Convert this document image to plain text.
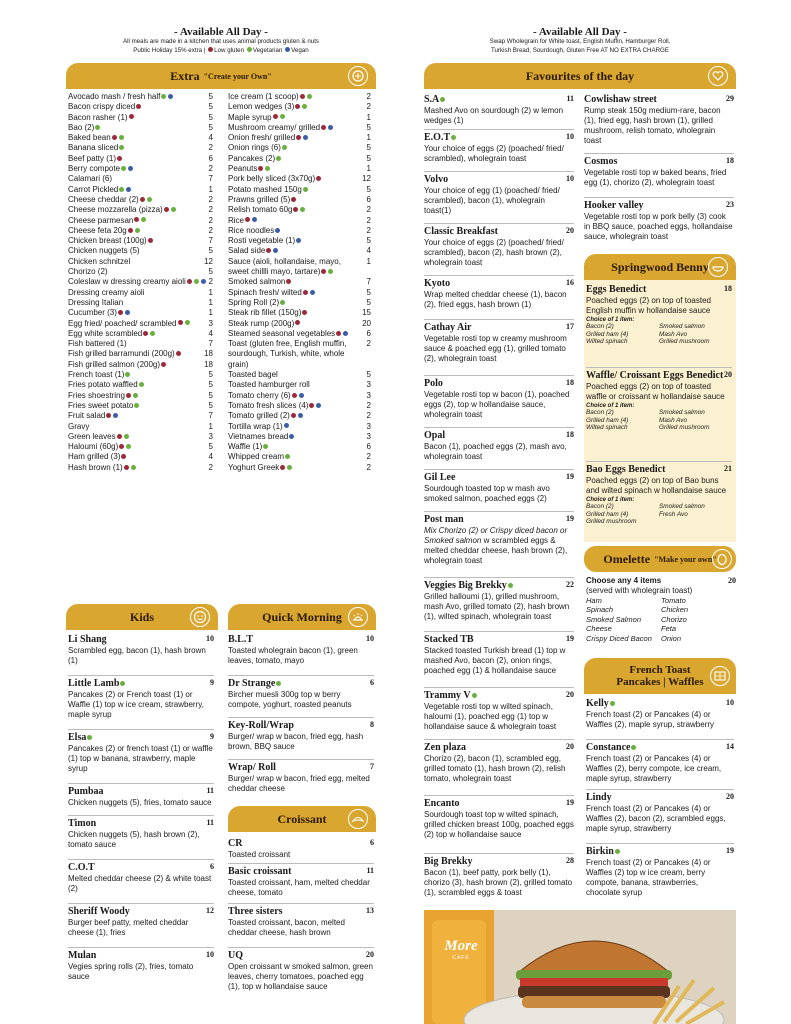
- Available All Day -
All meals are made in a kitchen that uses animal products gluten & nuts
Public Holiday 15% extra | Low gluten Vegetarian Vegan
- Available All Day -
Swap Wholegrain for White toast, English Muffin, Hamburger Roll,
Turkish Bread, Sourdough, Gluten Free AT NO EXTRA CHARGE
Extra "Create your Own"
Avocado mash / fresh half	5
Bacon crispy diced	5
Bacon rasher (1)	5
Bao (2)	5
Baked bean	4
Banana sliced	2
Beef patty (1)	6
Berry compote	2
Calamari (6)	7
Carrot Pickled	1
Cheese cheddar (2)	2
Cheese mozzarella (pizza)	2
Cheese parmesan	2
Cheese feta 20g	2
Chicken breast (100g)	7
Chicken nuggets (5)	5
Chicken schnitzel	12
Chorizo (2)	5
Coleslaw w dressing creamy aioli	2
Dressing creamy aioli	1
Dressing Italian	1
Cucumber (3)	1
Egg fried/ poached/ scrambled	3
Egg white scrambled	4
Fish battered (1)	7
Fish grilled barramundi (200g)	18
Fish grilled salmon (200g)	18
French toast (1)	5
Fries potato waffled	5
Fries shoestring	5
Fries sweet potato	5
Fruit salad	7
Gravy	1
Green leaves	3
Haloumi (60g)	5
Ham grilled (3)	4
Hash brown (1)	2
Ice cream (1 scoop)	2
Lemon wedges (3)	2
Maple syrup	1
Mushroom creamy/ grilled	5
Onion fresh/ grilled	1
Onion rings (6)	5
Pancakes (2)	5
Peanuts	1
Pork belly sliced (3x70g)	12
Potato mashed 150g	5
Prawns grilled (5)	6
Relish tomato 60g	2
Rice	2
Rice noodles	2
Rosti vegetable (1)	5
Salad side	4
Sauce (aioli, hollandaise, mayo, sweet chillli mayo, tartare)
1
Smoked salmon	7
Spinach fresh/ wilted	5
Spring Roll (2)	5
Steak rib fillet (150g)	15
Steak rump (200g)	20
Steamed seasonal vegetables	6
Toast (gluten free, English muffin, sourdough, Turkish, white, whole grain)
2
Toasted bagel	5
Toasted hamburger roll	3
Tomato cherry (6)	3
Tomato fresh slices (4)	2
Tomato grilled (2)	2
Tortilla wrap (1)	3
Vietnames bread	3
Waffle (1)	6
Whipped cream	2
Yoghurt Greek	2
Kids
Li Shang	10
Scrambled egg, bacon (1), hash brown (1)
Little Lamb	9
Pancakes (2) or French toast (1) or Waffle (1) top w ice cream, strawberry, maple syrup
Elsa	9
Pancakes (2) or french toast (1) or waffle (1) top w banana, strawberry, maple syrup
Pumbaa	11
Chicken nuggets (5), fries, tomato sauce
Timon	11
Chicken nuggets (5), hash brown (2), tomato sauce
C.O.T	6
Melted cheddar cheese (2) & white toast (2)
Sheriff Woody	12
Burger beef patty, melted cheddar cheese (1), fries
Mulan	10
Vegies spring rolls (2), fries, tomato sauce
Quick Morning
B.L.T	10
Toasted wholegrain bacon (1), green leaves, tomato, mayo
Dr Strange	6
Bircher muesli 300g top w berry compote, yoghurt, roasted peanuts
Key-Roll/Wrap	8
Burger/ wrap w bacon, fried egg, hash brown, BBQ sauce
Wrap/ Roll	7
Burger/ wrap w bacon, fried egg, melted cheddar cheese
Croissant
CR	6
Toasted croissant
Basic croissant	11
Toasted croissant, ham, melted cheddar cheese, tomato
Three sisters	13
Toasted croissant, bacon, melted cheddar cheese, hash brown
UQ	20
Open croissant w smoked salmon, green leaves, cherry tomatoes, poached egg (1), top w hollandaise sauce
Favourites of the day
S.A	11
Mashed Avo on sourdough (2) w lemon wedges (1)
E.O.T	10
Your choice of eggs (2) (poached/ fried/ scrambled), wholegrain toast
Volvo	10
Your choice of egg (1) (poached/ fried/ scrambled), bacon (1), wholegrain toast(1)
Classic Breakfast	20
Your choice of eggs (2) (poached/ fried/ scrambled), bacon (2), hash brown (2), wholegrain toast
Kyoto	16
Wrap melted cheddar cheese (1), bacon (2), fried eggs, hash brown (1)
Cathay Air	17
Vegetable rosti top w creamy mushroom sauce & poached egg (1), grilled tomato (2), wholegrain toast
Polo	18
Vegetable rosti top w bacon (1), poached eggs (2), top w hollandaise sauce, wholegrain toast
Opal	18
Bacon (1), poached eggs (2), mash avo, wholegrain toast
Gil Lee	19
Sourdough toasted top w mash avo smoked salmon, poached eggs (2)
Post man	19
Mix Chorizo (2) or Crispy diced bacon or Smoked salmon w scrambled eggs & melted cheddar cheese, hash brown (2), wholegrain toast
Veggies Big Brekky	22
Grilled halloumi (1), grilled mushroom, mash Avo, grilled tomato (2), hash brown (1), wilted spinach, wholegrain toast
Stacked TB	19
Stacked toasted Turkish bread (1) top w mashed Avo, bacon (2), onion rings, poached egg (1) & hollandaise sauce
Trammy V	20
Vegetable rosti top w wilted spinach, haloumi (1), poached egg (1) top w hollandaise sauce & wholegrain toast
Zen plaza	20
Chorizo (2), bacon (1), scrambled egg, grilled tomato (1), hash brown (2), relish tomato, wholegrain toast
Encanto	19
Sourdough toast top w wilted spinach, grilled chicken breast 100g, poached eggs (2) top w hollandaise sauce
Big Brekky	28
Bacon (1), beef patty, pork belly (1), chorizo (3), hash brown (2), grilled tomato (1), scrambled eggs & toast
Cowlishaw street	29
Rump steak 150g medium-rare, bacon (1), fried egg, hash brown (1), grilled mushroom, relish tomato, wholegrain toast
Cosmos	18
Vegetable rosti top w baked beans, fried egg (1), chorizo (2), wholegrain toast
Hooker valley	23
Vegetable rosti top w pork belly (3) cook in BBQ sauce, poached eggs, hollandaise sauce, wholegrain toast
Springwood Benny
Eggs Benedict	18
Poached eggs (2) on top of toasted English muffin w hollandaise sauce
Choice of 1 item:
Bacon (2)	Smoked salmon
Grilled ham (4)	Mash Avo
Wilted spinach	Grilled mushroom
Waffle/ Croissant Eggs Benedict 20
Poached eggs (2) on top of toasted waffle or croissant w hollandaise sauce
Choice of 1 item:
Bacon (2)	Smoked salmon
Grilled ham (4)	Mash Avo
Wilted spinach	Grilled mushroom
Bao Eggs Benedict	21
Poached eggs (2) on top of Bao buns and wilted spinach w hollandaise sauce
Choice of 1 item:
Bacon (2)	Smoked salmon
Grilled ham (4)	Fresh Avo
Grilled mushroom
Omelette "Make your own"
Choose any 4 items
(served with wholegrain toast)
20
Ham	Tomato
Spinach	Chicken
Smoked Salmon	Chorizo
Cheese	Feta
Crispy Diced Bacon	Onion
French Toast
Pancakes | Waffles
Kelly	10
French toast (2) or Pancakes (4) or Waffles (2), maple syrup, strawberry
Constance	14
French toast (2) or Pancakes (4) or Waffles (2), berry compote, ice cream, maple syrup, strawberry
Lindy	20
French toast (2) or Pancakes (4) or Waffles (2), bacon (2), scrambled eggs, maple syrup, strawberry
Birkin	19
French toast (2) or Pancakes (4) or Waffles (2) top w ice cream, berry compote, banana, strawberries, chocolate syrup
More
CAFE
